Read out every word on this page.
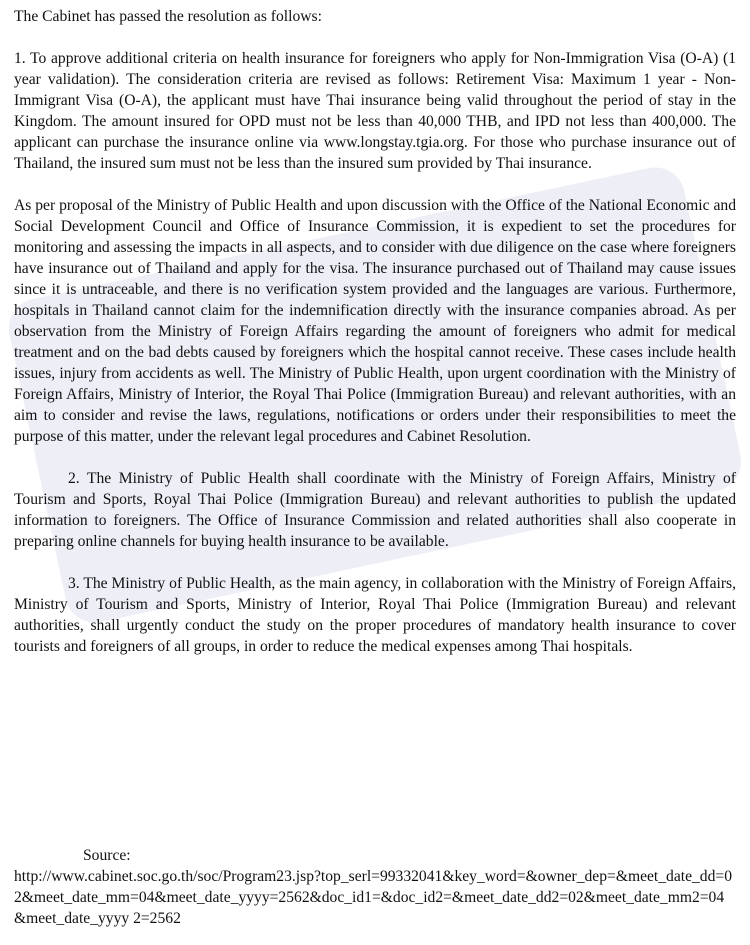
The Cabinet has passed the resolution as follows:

1. To approve additional criteria on health insurance for foreigners who apply for Non-Immigration Visa (O-A) (1 year validation). The consideration criteria are revised as follows: Retirement Visa: Maximum 1 year - Non-Immigrant Visa (O-A), the applicant must have Thai insurance being valid throughout the period of stay in the Kingdom. The amount insured for OPD must not be less than 40,000 THB, and IPD not less than 400,000. The applicant can purchase the insurance online via www.longstay.tgia.org. For those who purchase insurance out of Thailand, the insured sum must not be less than the insured sum provided by Thai insurance.

As per proposal of the Ministry of Public Health and upon discussion with the Office of the National Economic and Social Development Council and Office of Insurance Commission, it is expedient to set the procedures for monitoring and assessing the impacts in all aspects, and to consider with due diligence on the case where foreigners have insurance out of Thailand and apply for the visa. The insurance purchased out of Thailand may cause issues since it is untraceable, and there is no verification system provided and the languages are various. Furthermore, hospitals in Thailand cannot claim for the indemnification directly with the insurance companies abroad. As per observation from the Ministry of Foreign Affairs regarding the amount of foreigners who admit for medical treatment and on the bad debts caused by foreigners which the hospital cannot receive. These cases include health issues, injury from accidents as well. The Ministry of Public Health, upon urgent coordination with the Ministry of Foreign Affairs, Ministry of Interior, the Royal Thai Police (Immigration Bureau) and relevant authorities, with an aim to consider and revise the laws, regulations, notifications or orders under their responsibilities to meet the purpose of this matter, under the relevant legal procedures and Cabinet Resolution.

2. The Ministry of Public Health shall coordinate with the Ministry of Foreign Affairs, Ministry of Tourism and Sports, Royal Thai Police (Immigration Bureau) and relevant authorities to publish the updated information to foreigners. The Office of Insurance Commission and related authorities shall also cooperate in preparing online channels for buying health insurance to be available.

3. The Ministry of Public Health, as the main agency, in collaboration with the Ministry of Foreign Affairs, Ministry of Tourism and Sports, Ministry of Interior, Royal Thai Police (Immigration Bureau) and relevant authorities, shall urgently conduct the study on the proper procedures of mandatory health insurance to cover tourists and foreigners of all groups, in order to reduce the medical expenses among Thai hospitals.

Source:
http://www.cabinet.soc.go.th/soc/Program23.jsp?top_serl=99332041&key_word=&owner_dep=&meet_date_dd=02&meet_date_mm=04&meet_date_yyyy=2562&doc_id1=&doc_id2=&meet_date_dd2=02&meet_date_mm2=04&meet_date_yyyy 2=2562
